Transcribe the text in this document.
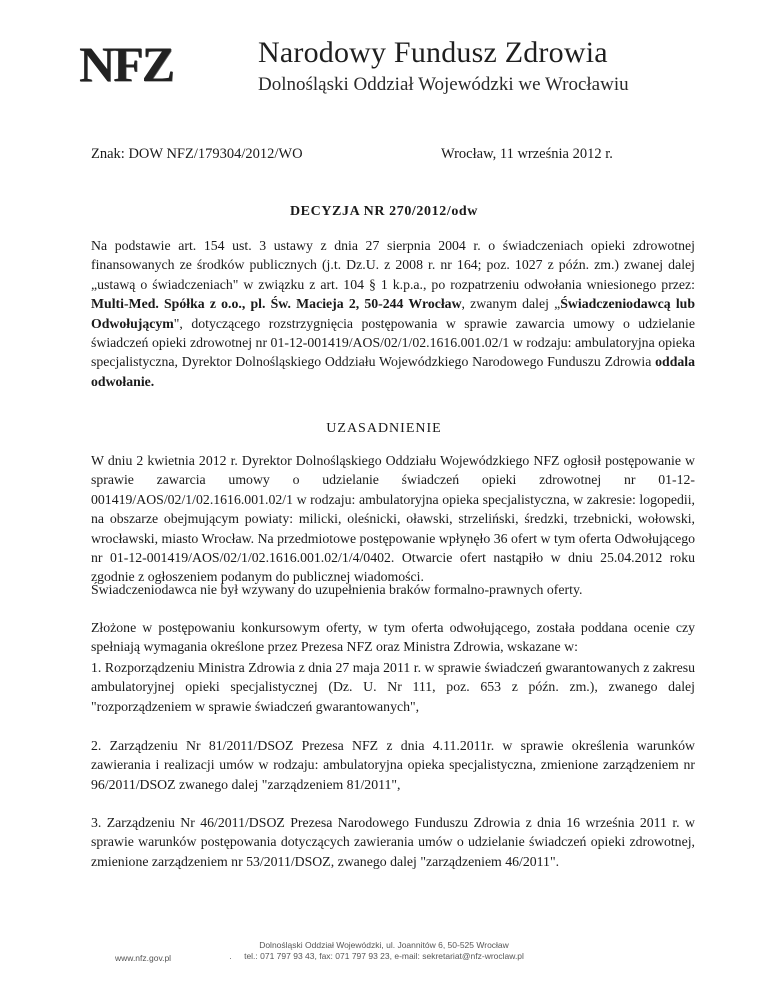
NFZ	Narodowy Fundusz Zdrowia
Dolnośląski Oddział Wojewódzki we Wrocławiu
Znak: DOW NFZ/179304/2012/WO	Wrocław, 11 września 2012 r.
DECYZJA NR 270/2012/odw
Na podstawie art. 154 ust. 3 ustawy z dnia 27 sierpnia 2004 r. o świadczeniach opieki zdrowotnej finansowanych ze środków publicznych (j.t. Dz.U. z 2008 r. nr 164; poz. 1027 z późn. zm.) zwanej dalej „ustawą o świadczeniach" w związku z art. 104 § 1 k.p.a., po rozpatrzeniu odwołania wniesionego przez: Multi-Med. Spółka z o.o., pl. Św. Macieja 2, 50-244 Wrocław, zwanym dalej „Świadczeniodawcą lub Odwołującym", dotyczącego rozstrzygnięcia postępowania w sprawie zawarcia umowy o udzielanie świadczeń opieki zdrowotnej nr 01-12-001419/AOS/02/1/02.1616.001.02/1 w rodzaju: ambulatoryjna opieka specjalistyczna, Dyrektor Dolnośląskiego Oddziału Wojewódzkiego Narodowego Funduszu Zdrowia oddala odwołanie.
UZASADNIENIE
W dniu 2 kwietnia 2012 r. Dyrektor Dolnośląskiego Oddziału Wojewódzkiego NFZ ogłosił postępowanie w sprawie zawarcia umowy o udzielanie świadczeń opieki zdrowotnej nr 01-12-001419/AOS/02/1/02.1616.001.02/1 w rodzaju: ambulatoryjna opieka specjalistyczna, w zakresie: logopedii, na obszarze obejmującym powiaty: milicki, oleśnicki, oławski, strzeliński, średzki, trzebnicki, wołowski, wrocławski, miasto Wrocław. Na przedmiotowe postępowanie wpłynęło 36 ofert w tym oferta Odwołującego nr 01-12-001419/AOS/02/1/02.1616.001.02/1/4/0402. Otwarcie ofert nastąpiło w dniu 25.04.2012 roku zgodnie z ogłoszeniem podanym do publicznej wiadomości.
Świadczeniodawca nie był wzywany do uzupełnienia braków formalno-prawnych oferty.
Złożone w postępowaniu konkursowym oferty, w tym oferta odwołującego, została poddana ocenie czy spełniają wymagania określone przez Prezesa NFZ oraz Ministra Zdrowia, wskazane w:
1. Rozporządzeniu Ministra Zdrowia z dnia 27 maja 2011 r. w sprawie świadczeń gwarantowanych z zakresu ambulatoryjnej opieki specjalistycznej (Dz. U. Nr 111, poz. 653 z późn. zm.), zwanego dalej "rozporządzeniem w sprawie świadczeń gwarantowanych",
2. Zarządzeniu Nr 81/2011/DSOZ Prezesa NFZ z dnia 4.11.2011r. w sprawie określenia warunków zawierania i realizacji umów w rodzaju: ambulatoryjna opieka specjalistyczna, zmienione zarządzeniem nr 96/2011/DSOZ zwanego dalej "zarządzeniem 81/2011",
3. Zarządzeniu Nr 46/2011/DSOZ Prezesa Narodowego Funduszu Zdrowia z dnia 16 września 2011 r. w sprawie warunków postępowania dotyczących zawierania umów o udzielanie świadczeń opieki zdrowotnej, zmienione zarządzeniem nr 53/2011/DSOZ, zwanego dalej "zarządzeniem 46/2011".
Dolnośląski Oddział Wojewódzki, ul. Joannitów 6, 50-525 Wrocław
tel.: 071 797 93 43, fax: 071 797 93 23, e-mail: sekretariat@nfz-wroclaw.pl
www.nfz.gov.pl	·
